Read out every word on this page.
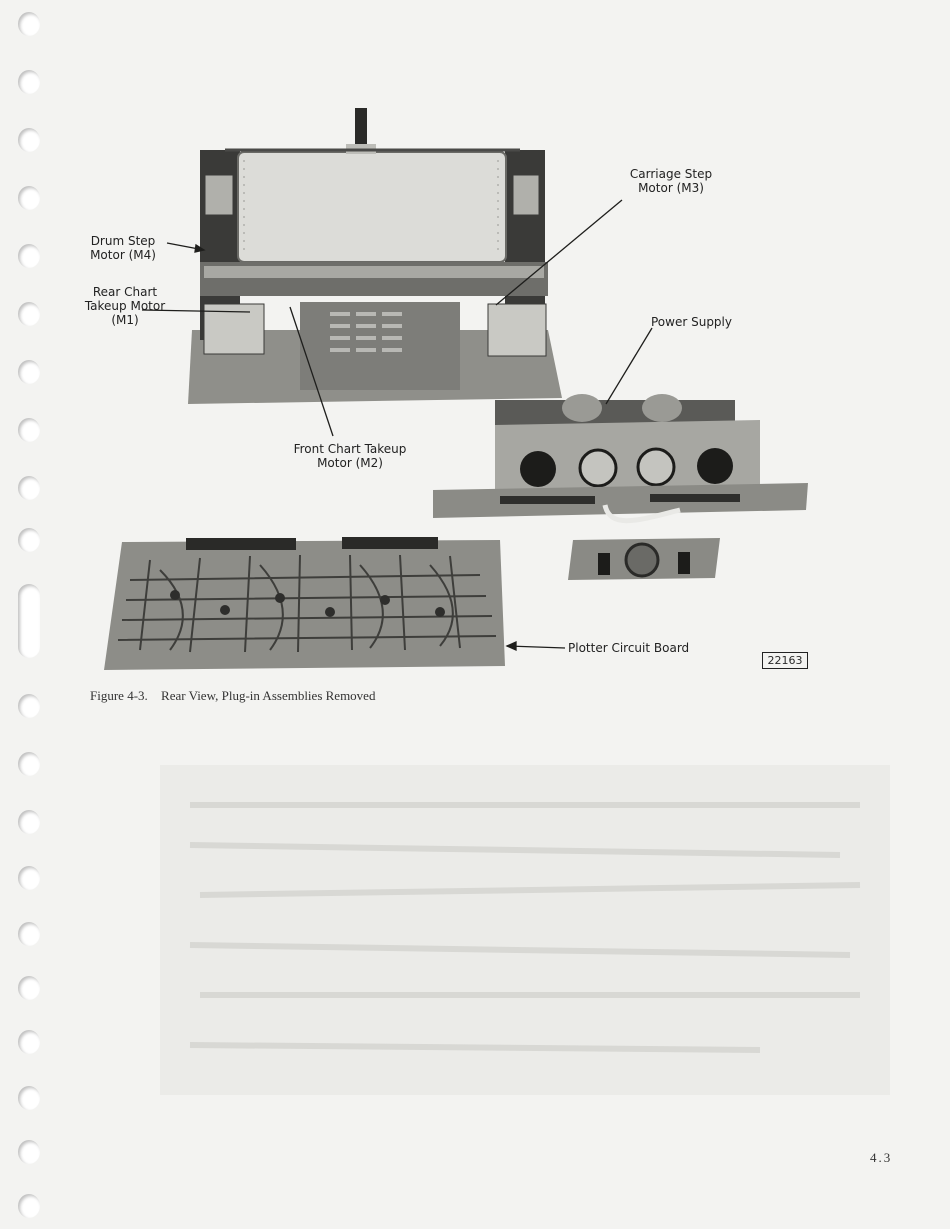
Drum Step
Motor (M4)
Rear Chart
Takeup Motor
(M1)
Carriage Step
Motor (M3)
Power Supply
Front Chart Takeup
Motor (M2)
Plotter Circuit Board
22163
Figure 4-3. Rear View, Plug-in Assemblies Removed
4.3
